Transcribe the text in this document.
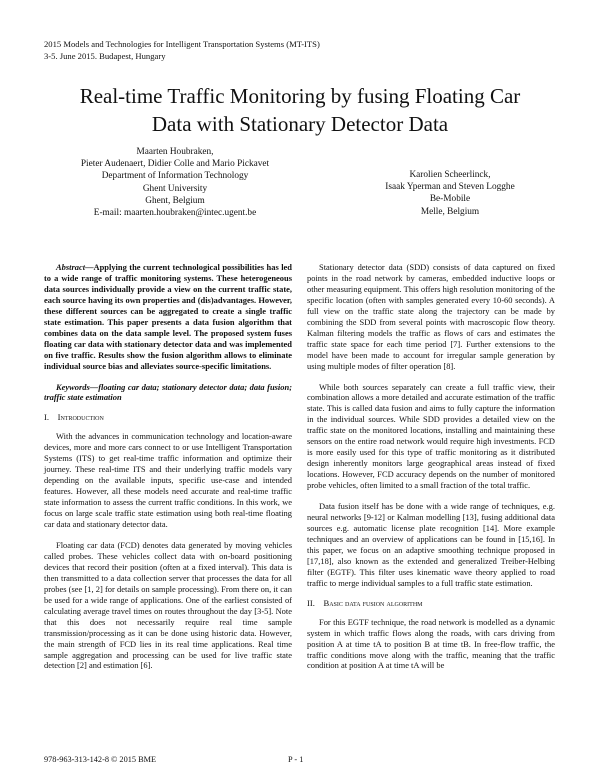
2015 Models and Technologies for Intelligent Transportation Systems (MT-ITS)
3-5. June 2015. Budapest, Hungary
Real-time Traffic Monitoring by fusing Floating Car
Data with Stationary Detector Data
Maarten Houbraken,
Pieter Audenaert, Didier Colle and Mario Pickavet
Department of Information Technology
Ghent University
Ghent, Belgium
E-mail: maarten.houbraken@intec.ugent.be
Karolien Scheerlinck,
Isaak Yperman and Steven Logghe
Be-Mobile
Melle, Belgium

Abstract—Applying the current technological possibilities has led to a wide range of traffic monitoring systems. These heterogeneous data sources individually provide a view on the current traffic state, each source having its own properties and (dis)advantages. However, these different sources can be aggregated to create a single traffic state estimation. This paper presents a data fusion algorithm that combines data on the data sample level. The proposed system fuses floating car data with stationary detector data and was implemented on five traffic. Results show the fusion algorithm allows to eliminate individual source bias and alleviates source-specific limitations.

Keywords—floating car data; stationary detector data; data fusion; traffic state estimation

I. Introduction

With the advances in communication technology and location-aware devices, more and more cars connect to or use Intelligent Transportation Systems (ITS) to get real-time traffic information and optimize their journey. These real-time ITS and their underlying traffic models vary depending on the available inputs, specific use-case and intended features. However, all these models need accurate and real-time traffic state information to assess the current traffic conditions. In this work, we focus on large scale traffic state estimation using both real-time floating car data and stationary detector data.

Floating car data (FCD) denotes data generated by moving vehicles called probes. These vehicles collect data with on-board positioning devices that record their position (often at a fixed interval). This data is then transmitted to a data collection server that processes the data for all probes (see [1, 2] for details on sample processing). From there on, it can be used for a wide range of applications. One of the earliest consisted of calculating average travel times on routes throughout the day [3-5]. Note that this does not necessarily require real time sample transmission/processing as it can be done using historic data. However, the main strength of FCD lies in its real time applications. Real time sample aggregation and processing can be used for live traffic state detection [2] and estimation [6].

Stationary detector data (SDD) consists of data captured on fixed points in the road network by cameras, embedded inductive loops or other measuring equipment. This offers high resolution monitoring of the specific location (often with samples generated every 10-60 seconds). A full view on the traffic state along the trajectory can be made by combining the SDD from several points with macroscopic flow theory. Kalman filtering models the traffic as flows of cars and estimates the traffic state space for each time period [7]. Further extensions to the model have been made to account for irregular sample generation by using multiple modes of filter operation [8].

While both sources separately can create a full traffic view, their combination allows a more detailed and accurate estimation of the traffic state. This is called data fusion and aims to fully capture the information in the individual sources. While SDD provides a detailed view on the traffic state on the monitored locations, installing and maintaining these sensors on the entire road network would require high investments. FCD is more easily used for this type of traffic monitoring as it distributed design inherently monitors large geographical areas instead of fixed locations. However, FCD accuracy depends on the number of monitored probe vehicles, often limited to a small fraction of the total traffic.

Data fusion itself has be done with a wide range of techniques, e.g. neural networks [9-12] or Kalman modelling [13], fusing additional data sources e.g. automatic license plate recognition [14]. More example techniques and an overview of applications can be found in [15,16]. In this paper, we focus on an adaptive smoothing technique proposed in [17,18], also known as the extended and generalized Treiber-Helbing filter (EGTF). This filter uses kinematic wave theory applied to road traffic to merge individual samples to a full traffic state estimation.

II. Basic data fusion algorithm

For this EGTF technique, the road network is modelled as a dynamic system in which traffic flows along the roads, with cars driving from position A at time tA to position B at time tB. In free-flow traffic, the traffic conditions move along with the traffic, meaning that the traffic condition at position A at time tA will be

978-963-313-142-8 © 2015 BME	P - 1
